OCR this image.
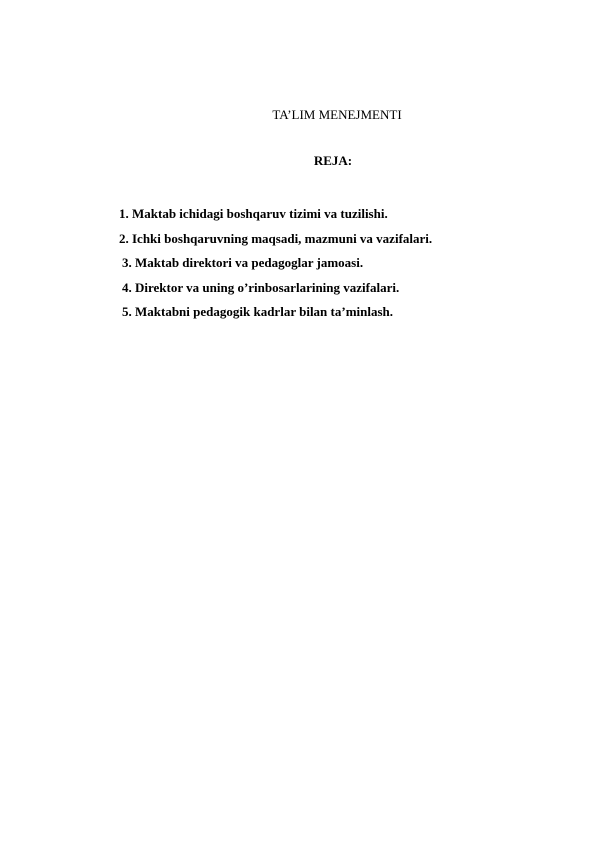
TA’LIM MENEJMENTI
REJA:
1. Maktab ichidagi boshqaruv tizimi va tuzilishi.
2. Ichki boshqaruvning maqsadi, mazmuni va vazifalari.
3. Maktab direktori va pedagoglar jamoasi.
4. Direktor va uning o’rinbosarlarining vazifalari.
5. Maktabni pedagogik kadrlar bilan ta’minlash.
